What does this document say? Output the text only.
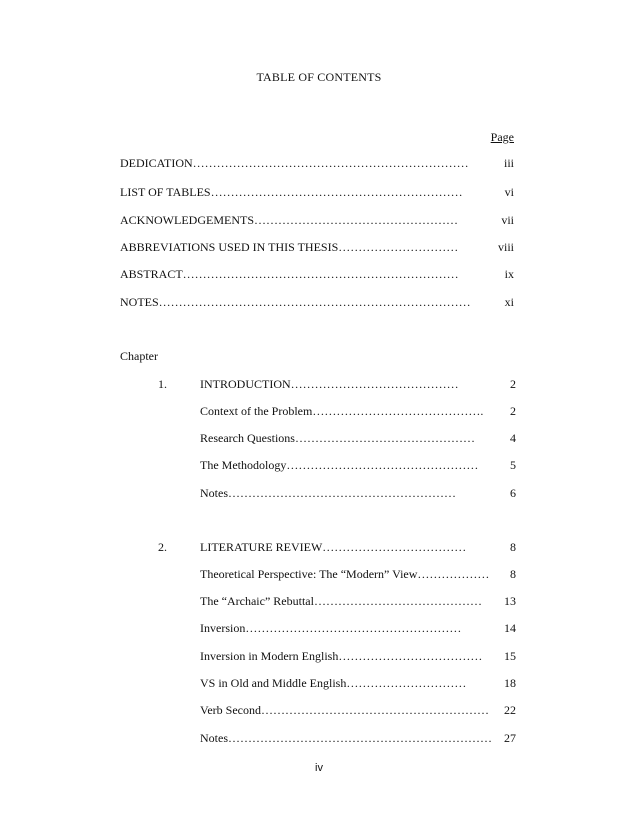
TABLE OF CONTENTS
Page
DEDICATION……………………………………………………………	iii
LIST OF TABLES………………………………………………………	vi
ACKNOWLEDGEMENTS……………………………………………	vii
ABBREVIATIONS USED IN THIS THESIS…………………………	viii
ABSTRACT……………………………………………………………	ix
NOTES……………………………………………………………………	xi
Chapter
1.	INTRODUCTION……………………………………	2
Context of the Problem……………………………………. 2
Research Questions………………………………………	4
The Methodology…………………………………………	5
Notes…………………………………………………	6
2.	LITERATURE REVIEW………………………………	8
Theoretical Perspective: The “Modern” View……………… 8
The “Archaic” Rebuttal…………………………………… 13
Inversion………………………………………………	14
Inversion in Modern English……………………………… 15
VS in Old and Middle English…………………………	18
Verb Second………………………………………………… 22
Notes………………………………………………………… 27
iv
